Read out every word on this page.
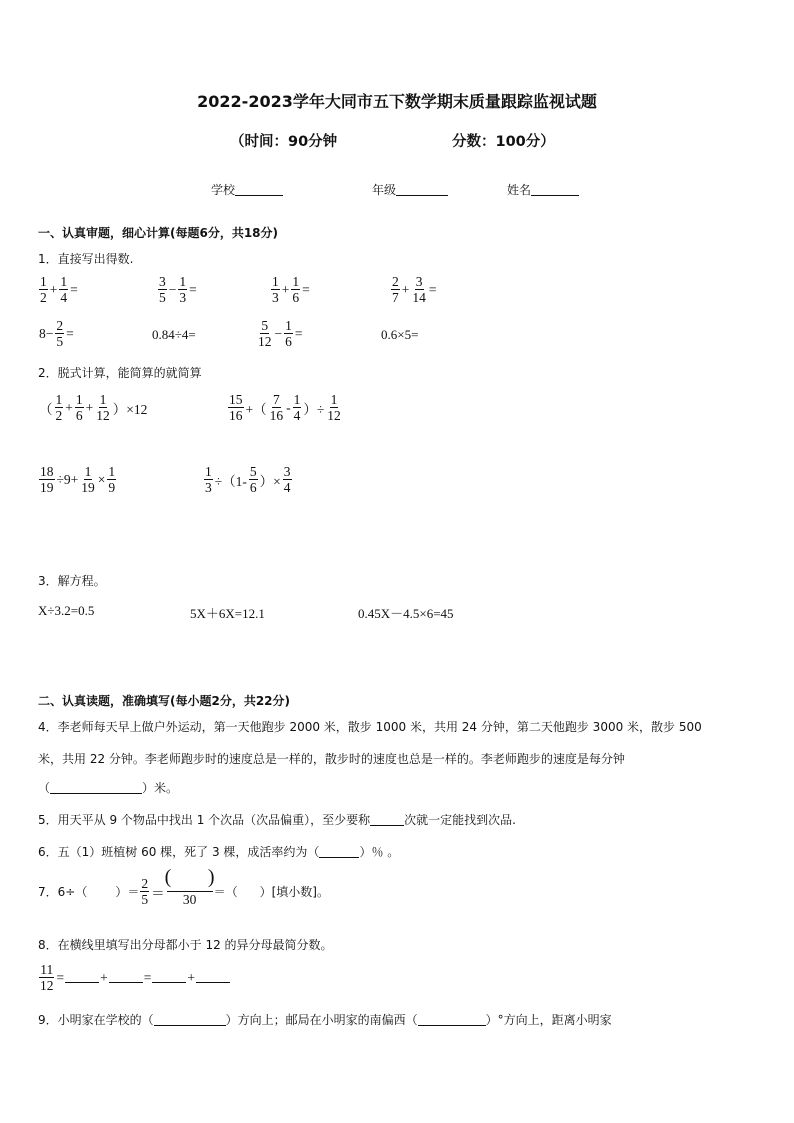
2022-2023学年大同市五下数学期末质量跟踪监视试题
（时间：90分钟	分数：100分）
学校	年级	姓名
一、认真审题，细心计算(每题6分，共18分)
1．直接写出得数.
$\frac{1}{2} + \frac{1}{4}$ =	$\frac{3}{5} - \frac{1}{3}$ =	$\frac{1}{3} + \frac{1}{6}$ =	$\frac{2}{7} + \frac{3}{14}$ =
$8- \frac{2}{5}$ =	0.84÷4=	$\frac{5}{12} - \frac{1}{6}$ =	0.6×5=
2．脱式计算，能简算的就简算
（ $\frac{1}{2} + \frac{1}{6} + \frac{1}{12} )\times 12$	$\frac{15}{16}$ +（ $\frac{7}{16} - \frac{1}{4}$ ）÷ $\frac{1}{12}$
$\frac{18}{19} \div 9+ \frac{1}{19} \times \frac{1}{9}$	$\frac{1}{3} \div(1- \frac{5}{6}$ ）× $\frac{3}{4}$
3．解方程。
X÷3.2=0.5	5X＋6X=12.1	0.45X－4.5×6=45
二、认真读题，准确填写(每小题2分，共22分)
4．李老师每天早上做户外运动，第一天他跑步 2000 米，散步 1000 米，共用 24 分钟，第二天他跑步 3000 米，散步 500
米，共用 22 分钟。李老师跑步时的速度总是一样的，散步时的速度也总是一样的。李老师跑步的速度是每分钟
（	）米。
5．用天平从 9 个物品中找出 1 个次品（次品偏重），至少要称	次就一定能找到次品.
6．五（1）班植树 60 棵，死了 3 棵，成活率约为（	）％ 。
7．6÷（ ）＝ $\frac{2}{5} = \frac{( )}{30}$ ＝（ ）[填小数]。
8．在横线里填写出分母都小于 12 的异分母最简分数。
$\frac{11}{12}$ =	+	=	+
9．小明家在学校的（	）方向上；邮局在小明家的南偏西（	）°方向上，距离小明家
